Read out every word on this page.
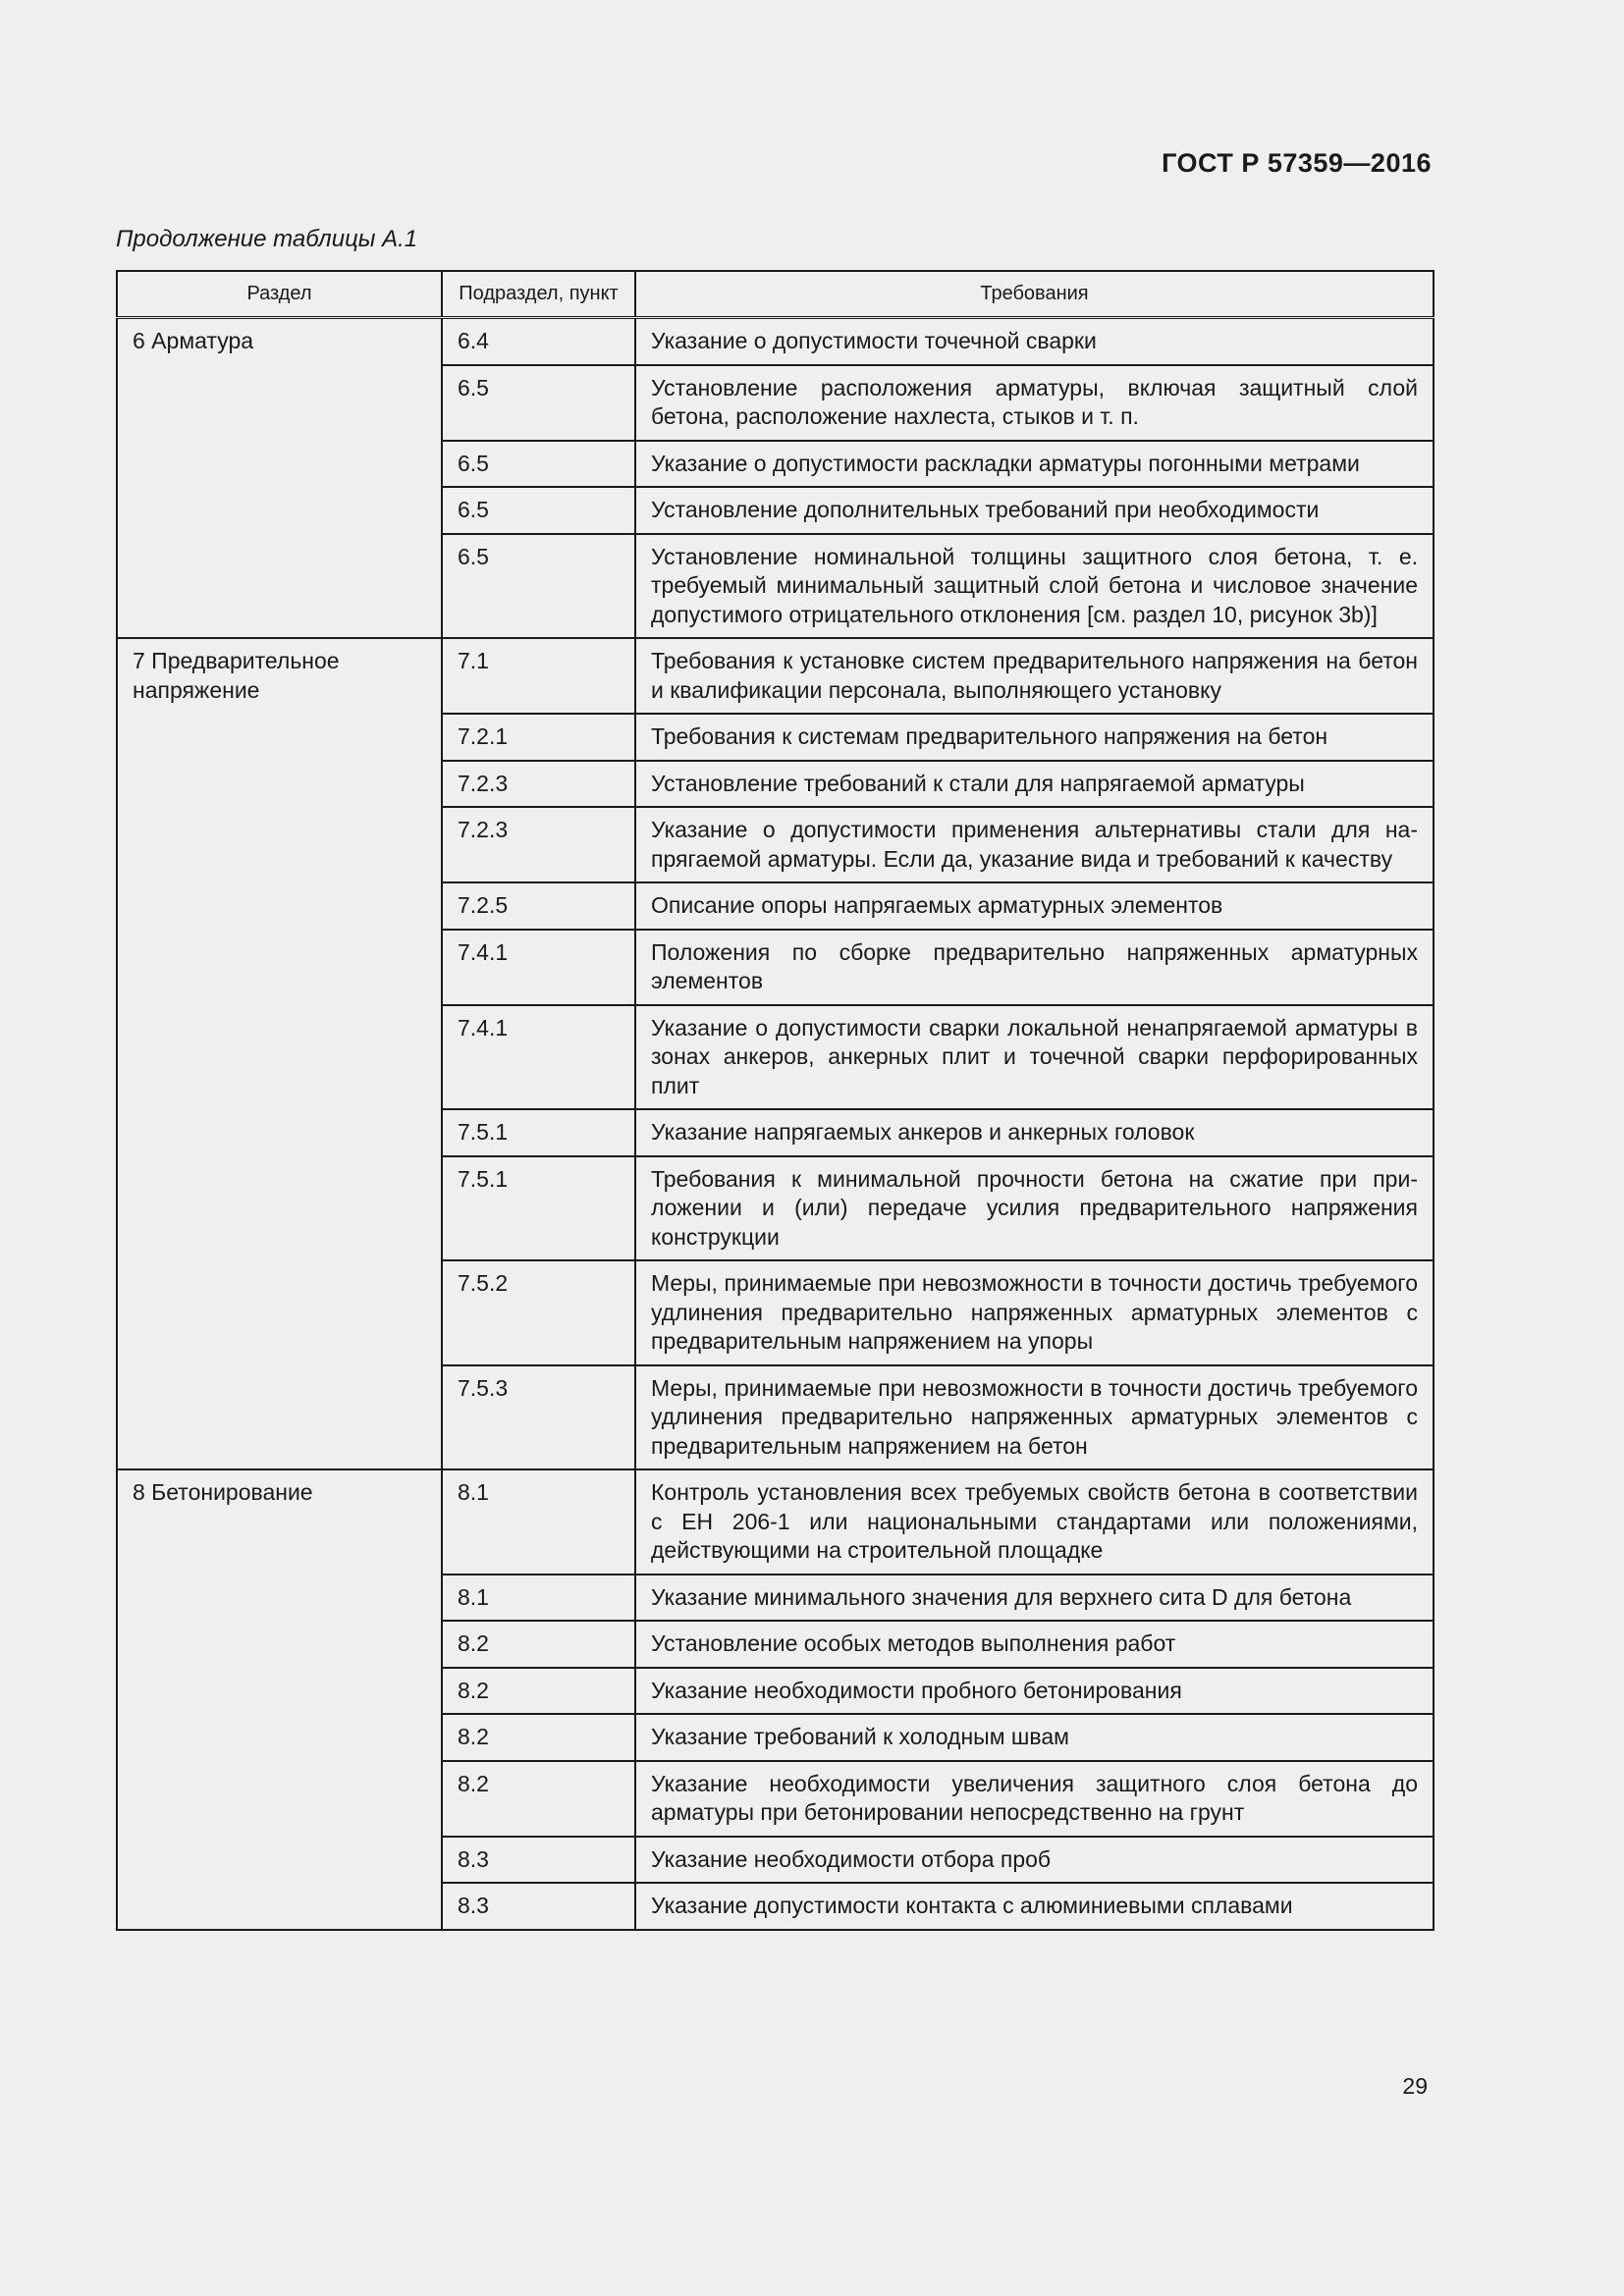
ГОСТ Р 57359—2016
Продолжение таблицы А.1
Раздел	Подраздел, пункт	Требования
6 Арматура	6.4	Указание о допустимости точечной сварки
	6.5	Установление расположения арматуры, включая защитный слой бетона, расположение нахлеста, стыков и т. п.
	6.5	Указание о допустимости раскладки арматуры погонными метрами
	6.5	Установление дополнительных требований при необходимости
	6.5	Установление номинальной толщины защитного слоя бетона, т. е. требуемый минимальный защитный слой бетона и числовое значение допустимого отрицательного отклонения [см. раздел 10, рисунок 3b)]
7 Предварительное напряжение	7.1	Требования к установке систем предварительного напряжения на бетон и квалификации персонала, выполняющего установку
	7.2.1	Требования к системам предварительного напряжения на бетон
	7.2.3	Установление требований к стали для напрягаемой арматуры
	7.2.3	Указание о допустимости применения альтернативы стали для напрягаемой арматуры. Если да, указание вида и требований к качеству
	7.2.5	Описание опоры напрягаемых арматурных элементов
	7.4.1	Положения по сборке предварительно напряженных арматурных элементов
	7.4.1	Указание о допустимости сварки локальной ненапрягаемой арматуры в зонах анкеров, анкерных плит и точечной сварки перфорированных плит
	7.5.1	Указание напрягаемых анкеров и анкерных головок
	7.5.1	Требования к минимальной прочности бетона на сжатие при приложении и (или) передаче усилия предварительного напряжения конструкции
	7.5.2	Меры, принимаемые при невозможности в точности достичь требуемого удлинения предварительно напряженных арматурных элементов с предварительным напряжением на упоры
	7.5.3	Меры, принимаемые при невозможности в точности достичь требуемого удлинения предварительно напряженных арматурных элементов с предварительным напряжением на бетон
8 Бетонирование	8.1	Контроль установления всех требуемых свойств бетона в соответствии с ЕН 206-1 или национальными стандартами или положениями, действующими на строительной площадке
	8.1	Указание минимального значения для верхнего сита D для бетона
	8.2	Установление особых методов выполнения работ
	8.2	Указание необходимости пробного бетонирования
	8.2	Указание требований к холодным швам
	8.2	Указание необходимости увеличения защитного слоя бетона до арматуры при бетонировании непосредственно на грунт
	8.3	Указание необходимости отбора проб
	8.3	Указание допустимости контакта с алюминиевыми сплавами
29
